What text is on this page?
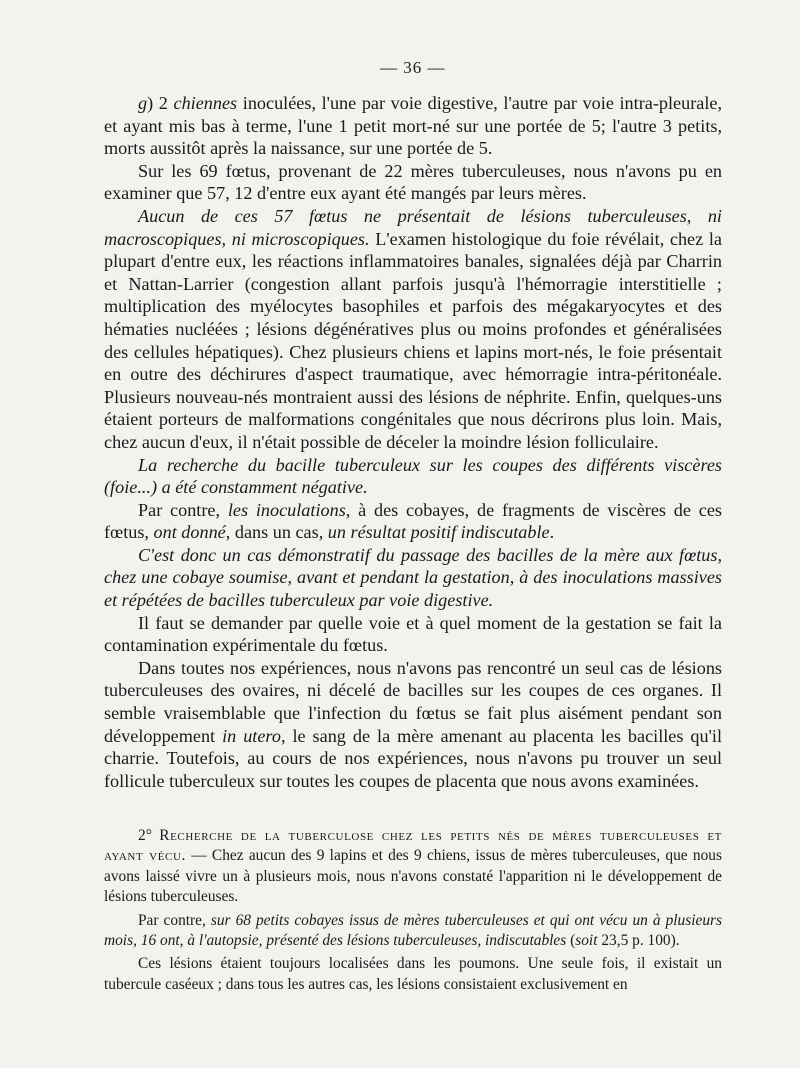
— 36 —

g) 2 chiennes inoculées, l'une par voie digestive, l'autre par voie intra-pleurale, et ayant mis bas à terme, l'une 1 petit mort-né sur une portée de 5; l'autre 3 petits, morts aussitôt après la naissance, sur une portée de 5.

Sur les 69 fœtus, provenant de 22 mères tuberculeuses, nous n'avons pu en examiner que 57, 12 d'entre eux ayant été mangés par leurs mères.

Aucun de ces 57 fœtus ne présentait de lésions tuberculeuses, ni macroscopiques, ni microscopiques. L'examen histologique du foie révélait, chez la plupart d'entre eux, les réactions inflammatoires banales, signalées déjà par Charrin et Nattan-Larrier (congestion allant parfois jusqu'à l'hémorragie interstitielle ; multiplication des myélocytes basophiles et parfois des mégakaryocytes et des hématies nucléées ; lésions dégénératives plus ou moins profondes et généralisées des cellules hépatiques). Chez plusieurs chiens et lapins mort-nés, le foie présentait en outre des déchirures d'aspect traumatique, avec hémorragie intra-péritonéale. Plusieurs nouveau-nés montraient aussi des lésions de néphrite. Enfin, quelques-uns étaient porteurs de malformations congénitales que nous décrirons plus loin. Mais, chez aucun d'eux, il n'était possible de déceler la moindre lésion folliculaire.

La recherche du bacille tuberculeux sur les coupes des différents viscères (foie...) a été constamment négative.

Par contre, les inoculations, à des cobayes, de fragments de viscères de ces fœtus, ont donné, dans un cas, un résultat positif indiscutable.

C'est donc un cas démonstratif du passage des bacilles de la mère aux fœtus, chez une cobaye soumise, avant et pendant la gestation, à des inoculations massives et répétées de bacilles tuberculeux par voie digestive.

Il faut se demander par quelle voie et à quel moment de la gestation se fait la contamination expérimentale du fœtus.

Dans toutes nos expériences, nous n'avons pas rencontré un seul cas de lésions tuberculeuses des ovaires, ni décelé de bacilles sur les coupes de ces organes. Il semble vraisemblable que l'infection du fœtus se fait plus aisément pendant son développement in utero, le sang de la mère amenant au placenta les bacilles qu'il charrie. Toutefois, au cours de nos expériences, nous n'avons pu trouver un seul follicule tuberculeux sur toutes les coupes de placenta que nous avons examinées.

2° Recherche de la tuberculose chez les petits nés de mères tuberculeuses et ayant vécu. — Chez aucun des 9 lapins et des 9 chiens, issus de mères tuberculeuses, que nous avons laissé vivre un à plusieurs mois, nous n'avons constaté l'apparition ni le développement de lésions tuberculeuses.

Par contre, sur 68 petits cobayes issus de mères tuberculeuses et qui ont vécu un à plusieurs mois, 16 ont, à l'autopsie, présenté des lésions tuberculeuses, indiscutables (soit 23,5 p. 100).

Ces lésions étaient toujours localisées dans les poumons. Une seule fois, il existait un tubercule caséeux ; dans tous les autres cas, les lésions consistaient exclusivement en
